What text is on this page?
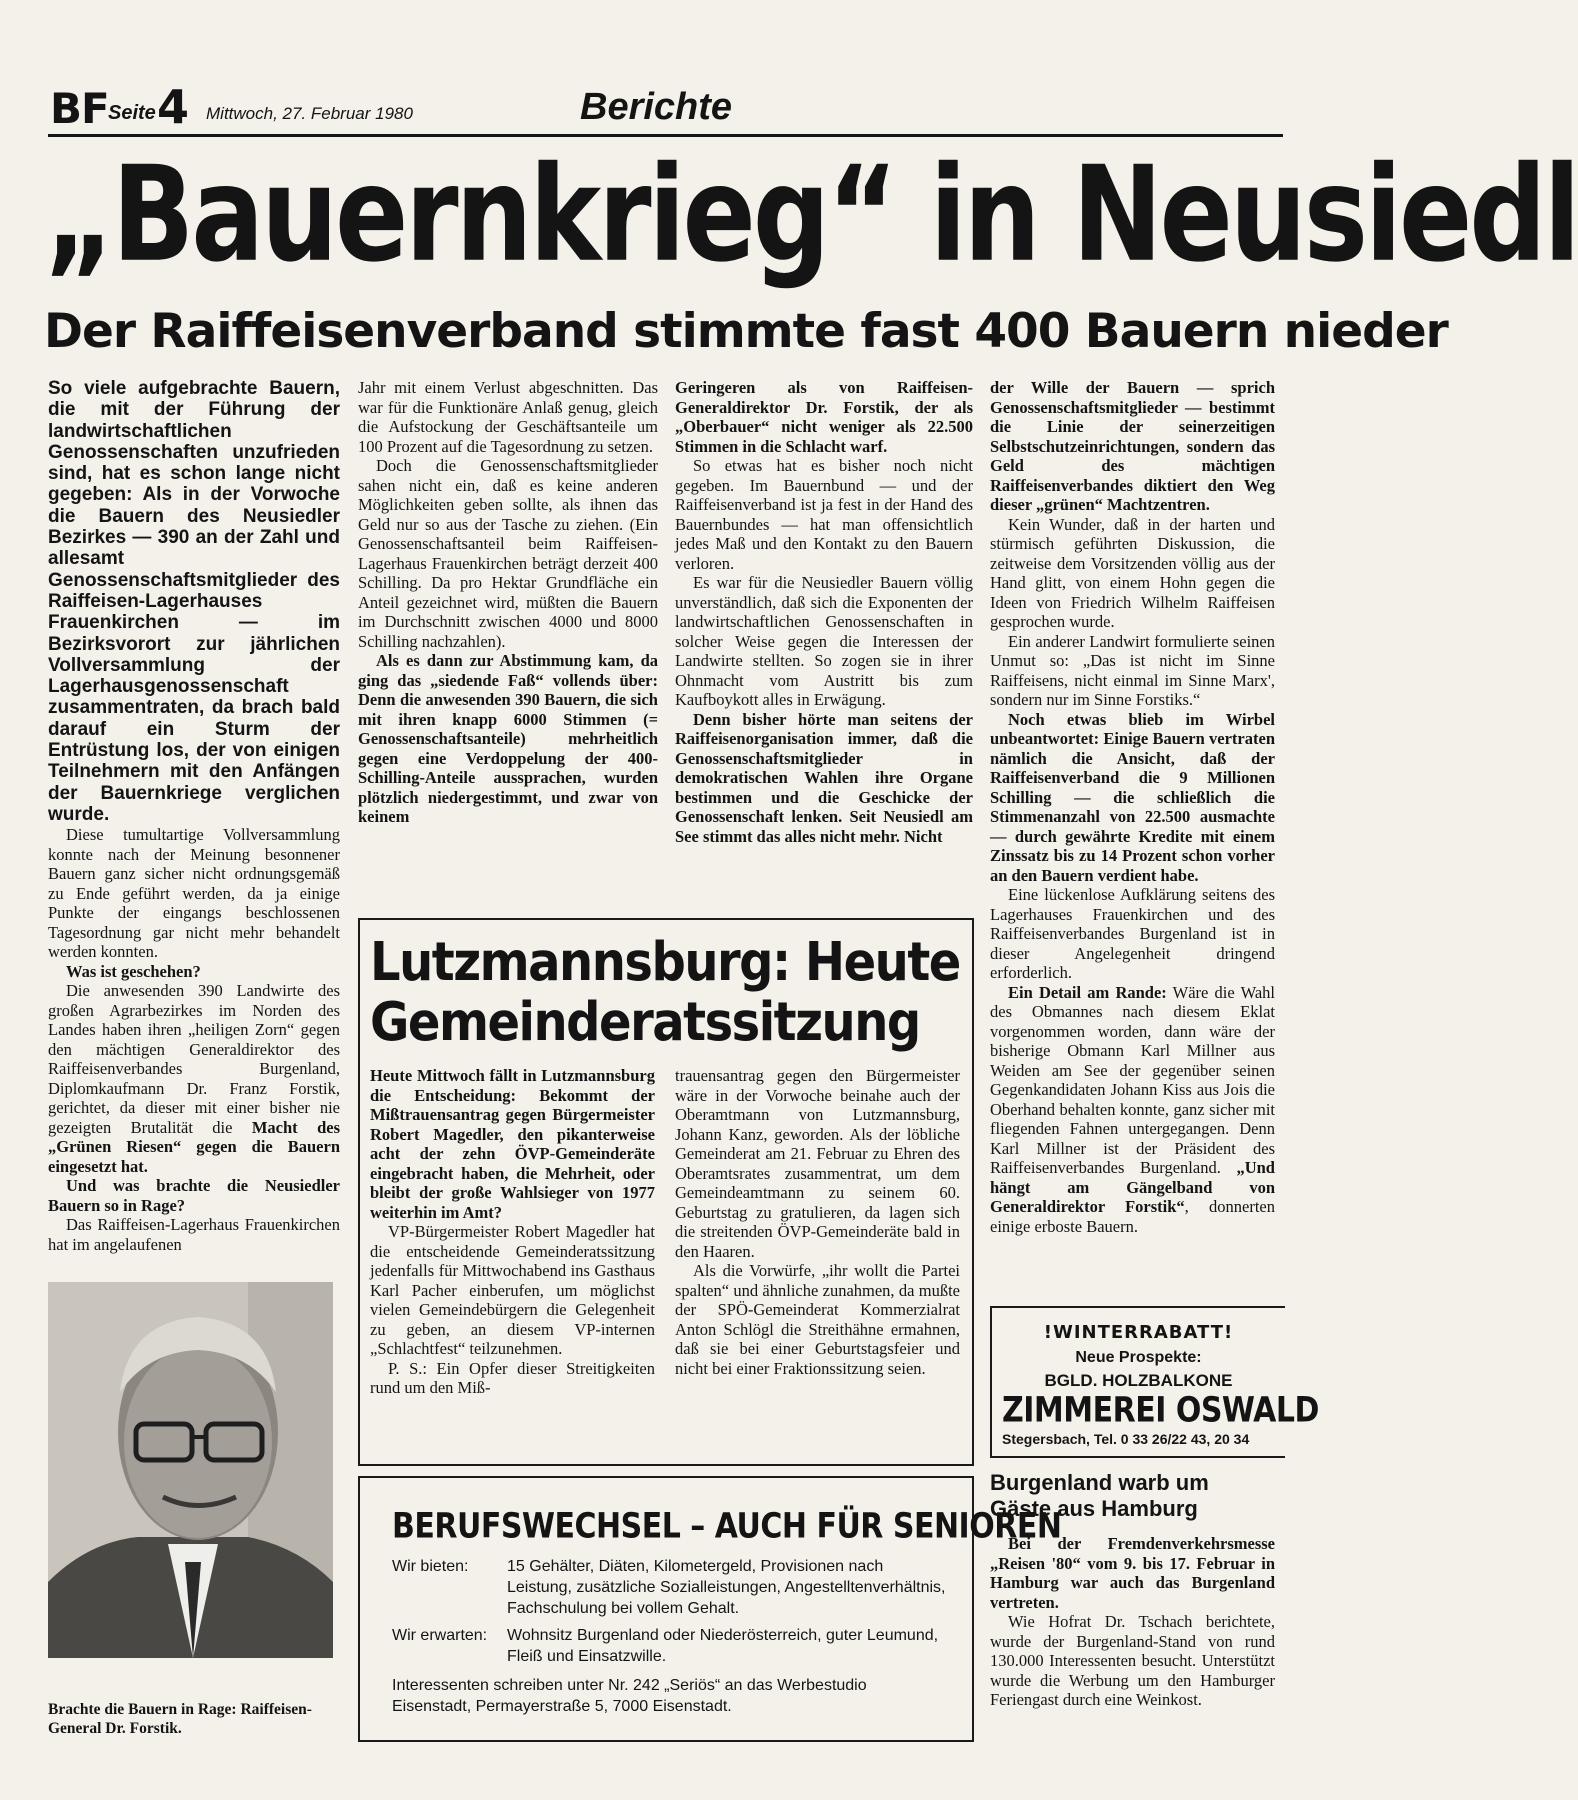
BF Seite 4 Mittwoch, 27. Februar 1980	Berichte
„Bauernkrieg“ in Neusiedl
Der Raiffeisenverband stimmte fast 400 Bauern nieder

So viele aufgebrachte Bauern, die mit der Führung der landwirtschaftlichen Genossenschaften unzufrieden sind, hat es schon lange nicht gegeben: Als in der Vorwoche die Bauern des Neusiedler Bezirkes — 390 an der Zahl und allesamt Genossenschaftsmitglieder des Raiffeisen-Lagerhauses Frauenkirchen — im Bezirksvorort zur jährlichen Vollversammlung der Lagerhausgenossenschaft zusammentraten, da brach bald darauf ein Sturm der Entrüstung los, der von einigen Teilnehmern mit den Anfängen der Bauernkriege verglichen wurde.

Diese tumultartige Vollversammlung konnte nach der Meinung besonnener Bauern ganz sicher nicht ordnungsgemäß zu Ende geführt werden, da ja einige Punkte der eingangs beschlossenen Tagesordnung gar nicht mehr behandelt werden konnten.

Was ist geschehen?

Die anwesenden 390 Landwirte des großen Agrarbezirkes im Norden des Landes haben ihren „heiligen Zorn“ gegen den mächtigen Generaldirektor des Raiffeisenverbandes Burgenland, Diplomkaufmann Dr. Franz Forstik, gerichtet, da dieser mit einer bisher nie gezeigten Brutalität die Macht des „Grünen Riesen“ gegen die Bauern eingesetzt hat.

Und was brachte die Neusiedler Bauern so in Rage?

Das Raiffeisen-Lagerhaus Frauenkirchen hat im angelaufenen

Brachte die Bauern in Rage: Raiffeisen-General Dr. Forstik.

Jahr mit einem Verlust abgeschnitten. Das war für die Funktionäre Anlaß genug, gleich die Aufstockung der Geschäftsanteile um 100 Prozent auf die Tagesordnung zu setzen.

Doch die Genossenschaftsmitglieder sahen nicht ein, daß es keine anderen Möglichkeiten geben sollte, als ihnen das Geld nur so aus der Tasche zu ziehen. (Ein Genossenschaftsanteil beim Raiffeisen-Lagerhaus Frauenkirchen beträgt derzeit 400 Schilling. Da pro Hektar Grundfläche ein Anteil gezeichnet wird, müßten die Bauern im Durchschnitt zwischen 4000 und 8000 Schilling nachzahlen).

Als es dann zur Abstimmung kam, da ging das „siedende Faß“ vollends über: Denn die anwesenden 390 Bauern, die sich mit ihren knapp 6000 Stimmen (= Genossenschaftsanteile) mehrheitlich gegen eine Verdoppelung der 400-Schilling-Anteile aussprachen, wurden plötzlich niedergestimmt, und zwar von keinem

Geringeren als von Raiffeisen-Generaldirektor Dr. Forstik, der als „Oberbauer“ nicht weniger als 22.500 Stimmen in die Schlacht warf.

So etwas hat es bisher noch nicht gegeben. Im Bauernbund — und der Raiffeisenverband ist ja fest in der Hand des Bauernbundes — hat man offensichtlich jedes Maß und den Kontakt zu den Bauern verloren.

Es war für die Neusiedler Bauern völlig unverständlich, daß sich die Exponenten der landwirtschaftlichen Genossenschaften in solcher Weise gegen die Interessen der Landwirte stellten. So zogen sie in ihrer Ohnmacht vom Austritt bis zum Kaufboykott alles in Erwägung.

Denn bisher hörte man seitens der Raiffeisenorganisation immer, daß die Genossenschaftsmitglieder in demokratischen Wahlen ihre Organe bestimmen und die Geschicke der Genossenschaft lenken. Seit Neusiedl am See stimmt das alles nicht mehr. Nicht

der Wille der Bauern — sprich Genossenschaftsmitglieder — bestimmt die Linie der seinerzeitigen Selbstschutzeinrichtungen, sondern das Geld des mächtigen Raiffeisenverbandes diktiert den Weg dieser „grünen“ Machtzentren.

Kein Wunder, daß in der harten und stürmisch geführten Diskussion, die zeitweise dem Vorsitzenden völlig aus der Hand glitt, von einem Hohn gegen die Ideen von Friedrich Wilhelm Raiffeisen gesprochen wurde.

Ein anderer Landwirt formulierte seinen Unmut so: „Das ist nicht im Sinne Raiffeisens, nicht einmal im Sinne Marx', sondern nur im Sinne Forstiks.“

Noch etwas blieb im Wirbel unbeantwortet: Einige Bauern vertraten nämlich die Ansicht, daß der Raiffeisenverband die 9 Millionen Schilling — die schließlich die Stimmenanzahl von 22.500 ausmachte — durch gewährte Kredite mit einem Zinssatz bis zu 14 Prozent schon vorher an den Bauern verdient habe.

Eine lückenlose Aufklärung seitens des Lagerhauses Frauenkirchen und des Raiffeisenverbandes Burgenland ist in dieser Angelegenheit dringend erforderlich.

Ein Detail am Rande: Wäre die Wahl des Obmannes nach diesem Eklat vorgenommen worden, dann wäre der bisherige Obmann Karl Millner aus Weiden am See der gegenüber seinen Gegenkandidaten Johann Kiss aus Jois die Oberhand behalten konnte, ganz sicher mit fliegenden Fahnen untergegangen. Denn Karl Millner ist der Präsident des Raiffeisenverbandes Burgenland. „Und hängt am Gängelband von Generaldirektor Forstik“, donnerten einige erboste Bauern.

Lutzmannsburg: Heute
Gemeinderatssitzung

Heute Mittwoch fällt in Lutzmannsburg die Entscheidung: Bekommt der Mißtrauensantrag gegen Bürgermeister Robert Magedler, den pikanterweise acht der zehn ÖVP-Gemeinderäte eingebracht haben, die Mehrheit, oder bleibt der große Wahlsieger von 1977 weiterhin im Amt?

VP-Bürgermeister Robert Magedler hat die entscheidende Gemeinderatssitzung jedenfalls für Mittwochabend ins Gasthaus Karl Pacher einberufen, um möglichst vielen Gemeindebürgern die Gelegenheit zu geben, an diesem VP-internen „Schlachtfest“ teilzunehmen.

P. S.: Ein Opfer dieser Streitigkeiten rund um den Miß-

trauensantrag gegen den Bürgermeister wäre in der Vorwoche beinahe auch der Oberamtmann von Lutzmannsburg, Johann Kanz, geworden. Als der löbliche Gemeinderat am 21. Februar zu Ehren des Oberamtsrates zusammentrat, um dem Gemeindeamtmann zu seinem 60. Geburtstag zu gratulieren, da lagen sich die streitenden ÖVP-Gemeinderäte bald in den Haaren.

Als die Vorwürfe, „ihr wollt die Partei spalten“ und ähnliche zunahmen, da mußte der SPÖ-Gemeinderat Kommerzialrat Anton Schlögl die Streithähne ermahnen, daß sie bei einer Geburtstagsfeier und nicht bei einer Fraktionssitzung seien.

BERUFSWECHSEL – AUCH FÜR SENIOREN
Wir bieten:	15 Gehälter, Diäten, Kilometergeld, Provisionen nach Leistung, zusätzliche Sozialleistungen, Angestelltenverhältnis, Fachschulung bei vollem Gehalt.
Wir erwarten:	Wohnsitz Burgenland oder Niederösterreich, guter Leumund, Fleiß und Einsatzwille.
Interessenten schreiben unter Nr. 242 „Seriös“ an das Werbestudio Eisenstadt, Permayerstraße 5, 7000 Eisenstadt.
!WINTERRABATT!
Neue Prospekte:
BGLD. HOLZBALKONE
ZIMMEREI OSWALD
Stegersbach, Tel. 0 33 26/22 43, 20 34
Burgenland warb um Gäste aus Hamburg

Bei der Fremdenverkehrsmesse „Reisen '80“ vom 9. bis 17. Februar in Hamburg war auch das Burgenland vertreten.

Wie Hofrat Dr. Tschach berichtete, wurde der Burgenland-Stand von rund 130.000 Interessenten besucht. Unterstützt wurde die Werbung um den Hamburger Feriengast durch eine Weinkost.
